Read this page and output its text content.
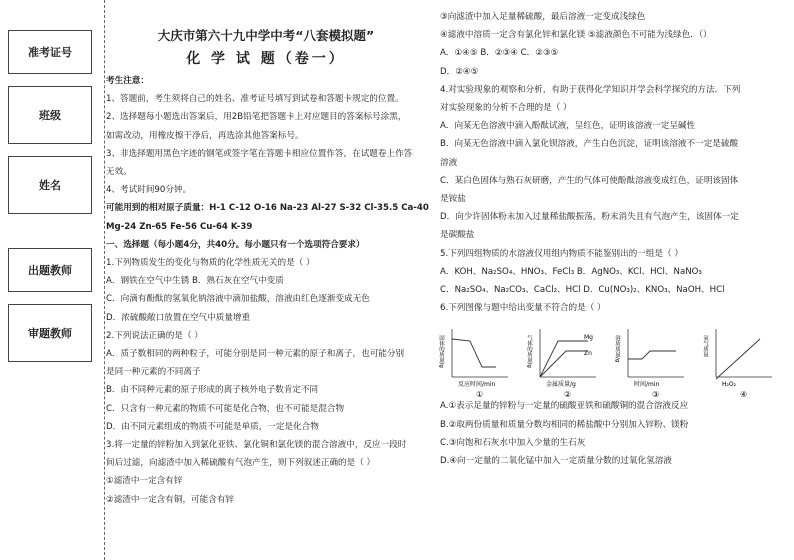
准考证号
班级
姓名
出题教师
审题教师
大庆市第六十九中学中考“八套模拟题”
化 学 试 题（卷一）
考生注意：
1、答题前，考生须将自己的姓名、准考证号填写到试卷和答题卡规定的位置。
2、选择题每小题选出答案后，用2B铅笔把答题卡上对应题目的答案标号涂黑，
如需改动，用橡皮擦干净后，再选涂其他答案标号。
3、非选择题用黑色字迹的钢笔或签字笔在答题卡相应位置作答，在试题卷上作答
无效。
4、考试时间90分钟。
可能用到的相对原子质量：H-1 C-12 O-16 Na-23 Al-27 S-32 Cl-35.5 Ca-40
Mg-24 Zn-65 Fe-56 Cu-64 K-39
一、选择题（每小题4分，共40分。每小题只有一个选项符合要求）
1.下列物质发生的变化与物质的化学性质无关的是（ ）
A．钢铁在空气中生锈 B．熟石灰在空气中变质
C．向滴有酚酞的氢氧化钠溶液中滴加盐酸，溶液由红色逐渐变成无色
D．浓硫酸敞口放置在空气中质量增重
2.下列说法正确的是（ ）
A．质子数相同的两种粒子，可能分别是同一种元素的原子和离子，也可能分别
是同一种元素的不同离子
B．由不同种元素的原子形成的离子核外电子数肯定不同
C．只含有一种元素的物质不可能是化合物，也不可能是混合物
D．由不同元素组成的物质不可能是单质，一定是化合物
3.将一定量的锌粉加入到氯化亚铁、氯化铜和氯化镁的混合溶液中，反应一段时
间后过滤，向滤渣中加入稀硫酸有气泡产生，则下列叙述正确的是（ ）
①滤渣中一定含有锌
②滤渣中一定含有铜，可能含有锌
③向滤渣中加入足量稀硫酸，最后溶液一定变成浅绿色
④滤液中溶质一定含有氯化锌和氯化镁 ⑤滤液颜色不可能为浅绿色．（）
A．①④⑤ B．②③④ C．②③⑤
D．②④⑤
4.对实验现象的观察和分析，有助于获得化学知识并学会科学探究的方法．下列
对实验现象的分析不合理的是（ ）
A．向某无色溶液中滴入酚酞试液，呈红色，证明该溶液一定呈碱性
B．向某无色溶液中滴入氯化钡溶液，产生白色沉淀，证明该溶液不一定是硫酸
溶液
C．某白色固体与熟石灰研磨，产生的气体可使酚酞溶液变成红色，证明该固体
是铵盐
D．向少许固体粉末加入过量稀盐酸振荡，粉末消失且有气泡产生，该固体一定
是碳酸盐
5.下列四组物质的水溶液仅用组内物质不能鉴别出的一组是（ ）
A．KOH、Na₂SO₄、HNO₃、FeCl₃ B．AgNO₃、KCl、HCl、NaNO₃
C．Na₂SO₄、Na₂CO₃、CaCl₂、HCl D．Cu(NO₃)₂、KNO₃、NaOH、HCl
6.下列图像与题中给出变量不符合的是（ ）
固体的质量/g
反应时间/min
①
气体的质量/g
金属质量/g
②
Mg
Zn	溶质质量/g
时间/min
③
氧气质量
H₂O₂
④
A.①表示足量的锌粉与一定量的硫酸亚铁和硫酸铜的混合溶液反应
B.②取两份质量和质量分数均相同的稀盐酸中分别加入锌粉、镁粉
C.③向饱和石灰水中加入少量的生石灰
D.④向一定量的二氧化锰中加入一定质量分数的过氧化氢溶液
